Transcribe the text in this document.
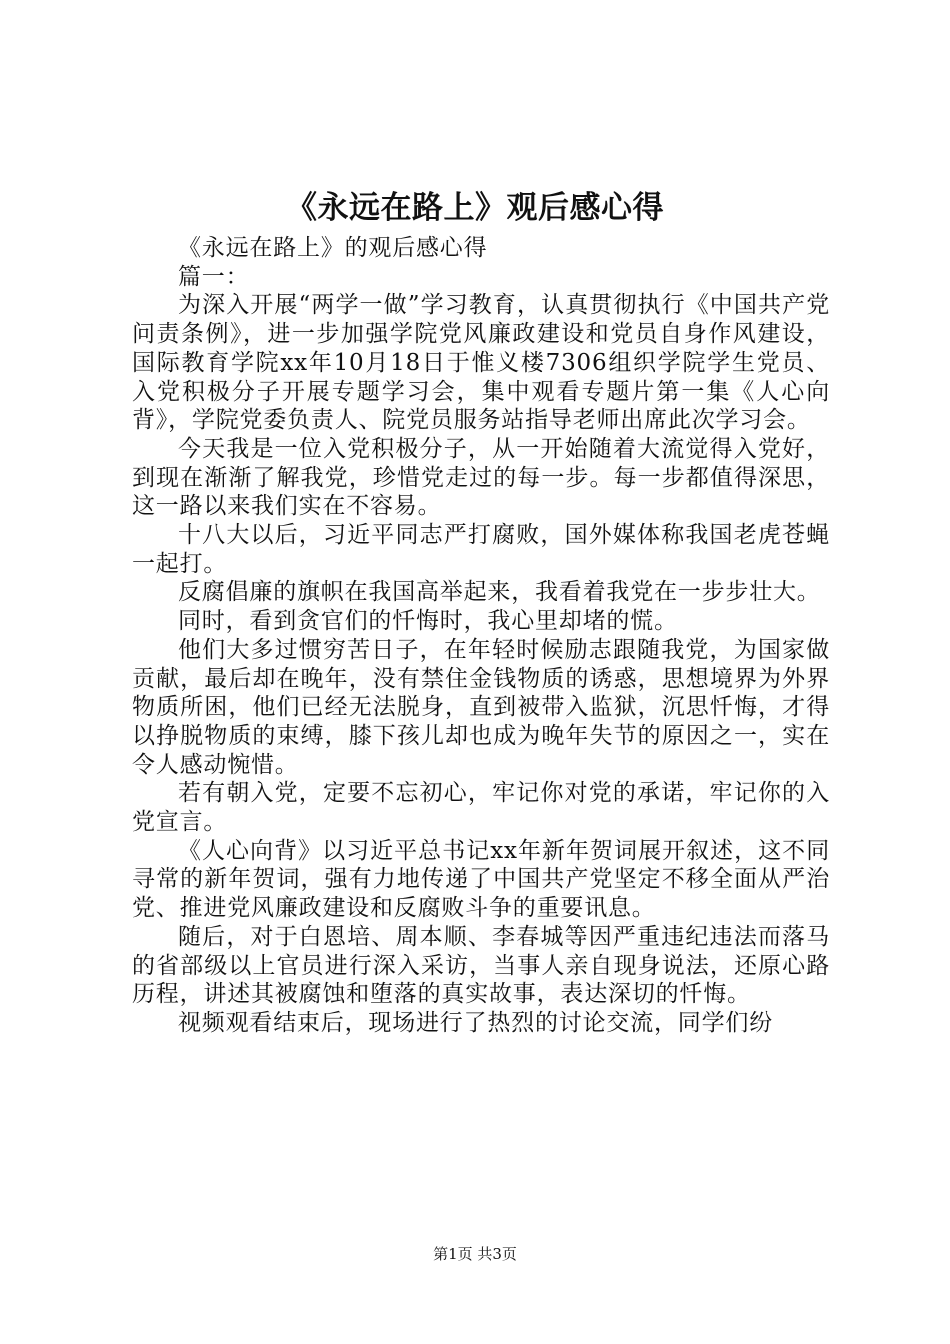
《永远在路上》观后感心得

《永远在路上》的观后感心得

篇一：

为深入开展“两学一做”学习教育，认真贯彻执行《中国共产党问责条例》，进一步加强学院党风廉政建设和党员自身作风建设，国际教育学院xx年10月18日于惟义楼7306组织学院学生党员、入党积极分子开展专题学习会，集中观看专题片第一集《人心向背》，学院党委负责人、院党员服务站指导老师出席此次学习会。

今天我是一位入党积极分子，从一开始随着大流觉得入党好，到现在渐渐了解我党，珍惜党走过的每一步。每一步都值得深思，这一路以来我们实在不容易。

十八大以后，习近平同志严打腐败，国外媒体称我国老虎苍蝇一起打。

反腐倡廉的旗帜在我国高举起来，我看着我党在一步步壮大。

同时，看到贪官们的忏悔时，我心里却堵的慌。

他们大多过惯穷苦日子，在年轻时候励志跟随我党，为国家做贡献，最后却在晚年，没有禁住金钱物质的诱惑，思想境界为外界物质所困，他们已经无法脱身，直到被带入监狱，沉思忏悔，才得以挣脱物质的束缚，膝下孩儿却也成为晚年失节的原因之一，实在令人感动惋惜。

若有朝入党，定要不忘初心，牢记你对党的承诺，牢记你的入党宣言。

《人心向背》以习近平总书记xx年新年贺词展开叙述，这不同寻常的新年贺词，强有力地传递了中国共产党坚定不移全面从严治党、推进党风廉政建设和反腐败斗争的重要讯息。

随后，对于白恩培、周本顺、李春城等因严重违纪违法而落马的省部级以上官员进行深入采访，当事人亲自现身说法，还原心路历程，讲述其被腐蚀和堕落的真实故事，表达深切的忏悔。

视频观看结束后，现场进行了热烈的讨论交流，同学们纷

第1页 共3页
